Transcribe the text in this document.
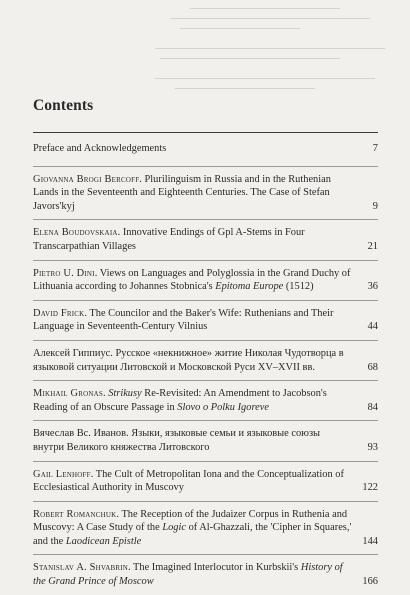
Contents
Preface and Acknowledgements	7
Giovanna Brogi Bercoff. Plurilinguism in Russia and in the Ruthenian Lands in the Seventeenth and Eighteenth Centuries. The Case of Stefan Javors'kyj	9
Elena Boudovskaia. Innovative Endings of Gpl A-Stems in Four Transcarpathian Villages	21
Pietro U. Dini. Views on Languages and Polyglossia in the Grand Duchy of Lithuania according to Johannes Stobnica's Epitoma Europe (1512)	36
David Frick. The Councilor and the Baker's Wife: Ruthenians and Their Language in Seventeenth-Century Vilnius	44
Алексей Гиппиус. Русское «некнижное» житие Николая Чудотворца в языковой ситуации Литовской и Московской Руси XV–XVII вв.	68
Mikhail Gronas. Strikusy Re-Revisited: An Amendment to Jacobson's Reading of an Obscure Passage in Slovo o Polku Igoreve	84
Вячеслав Вс. Иванов. Языки, языковые семьи и языковые союзы внутри Великого княжества Литовского	93
Gail Lenhoff. The Cult of Metropolitan Iona and the Conceptualization of Ecclesiastical Authority in Muscovy	122
Robert Romanchuk. The Reception of the Judaizer Corpus in Ruthenia and Muscovy: A Case Study of the Logic of Al-Ghazzali, the 'Cipher in Squares,' and the Laodicean Epistle	144
Stanislav A. Shvabrin. The Imagined Interlocutor in Kurbskii's History of the Grand Prince of Moscow	166
